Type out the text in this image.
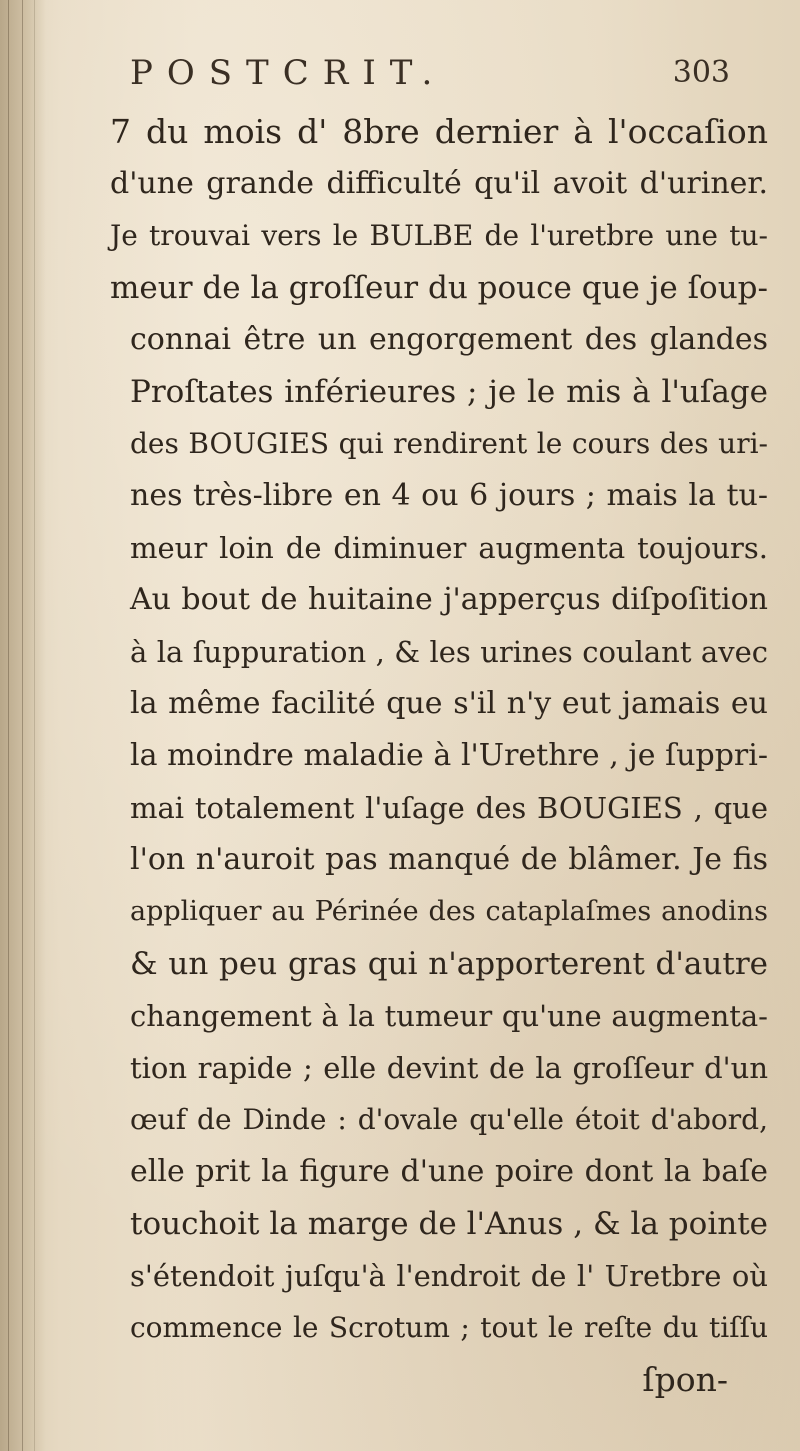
POSTCRIT.	303
7 du mois d' 8bre dernier à l'occaſion
d'une grande difficulté qu'il avoit d'uriner.
Je trouvai vers le BULBE de l'uretbre une tu-
meur de la groſſeur du pouce que je ſoup-
connai être un engorgement des glandes
Proſtates inférieures ; je le mis à l'uſage
des BOUGIES qui rendirent le cours des uri-
nes très-libre en 4 ou 6 jours ; mais la tu-
meur loin de diminuer augmenta toujours.
Au bout de huitaine j'apperçus diſpoſition
à la ſuppuration , & les urines coulant avec
la même facilité que s'il n'y eut jamais eu
la moindre maladie à l'Urethre , je ſuppri-
mai totalement l'uſage des BOUGIES , que
l'on n'auroit pas manqué de blâmer. Je fis
appliquer au Périnée des cataplaſmes anodins
& un peu gras qui n'apporterent d'autre
changement à la tumeur qu'une augmenta-
tion rapide ; elle devint de la groſſeur d'un
œuf de Dinde : d'ovale qu'elle étoit d'abord,
elle prit la figure d'une poire dont la baſe
touchoit la marge de l'Anus , & la pointe
s'étendoit juſqu'à l'endroit de l' Uretbre où
commence le Scrotum ; tout le reſte du tiſſu
ſpon-
